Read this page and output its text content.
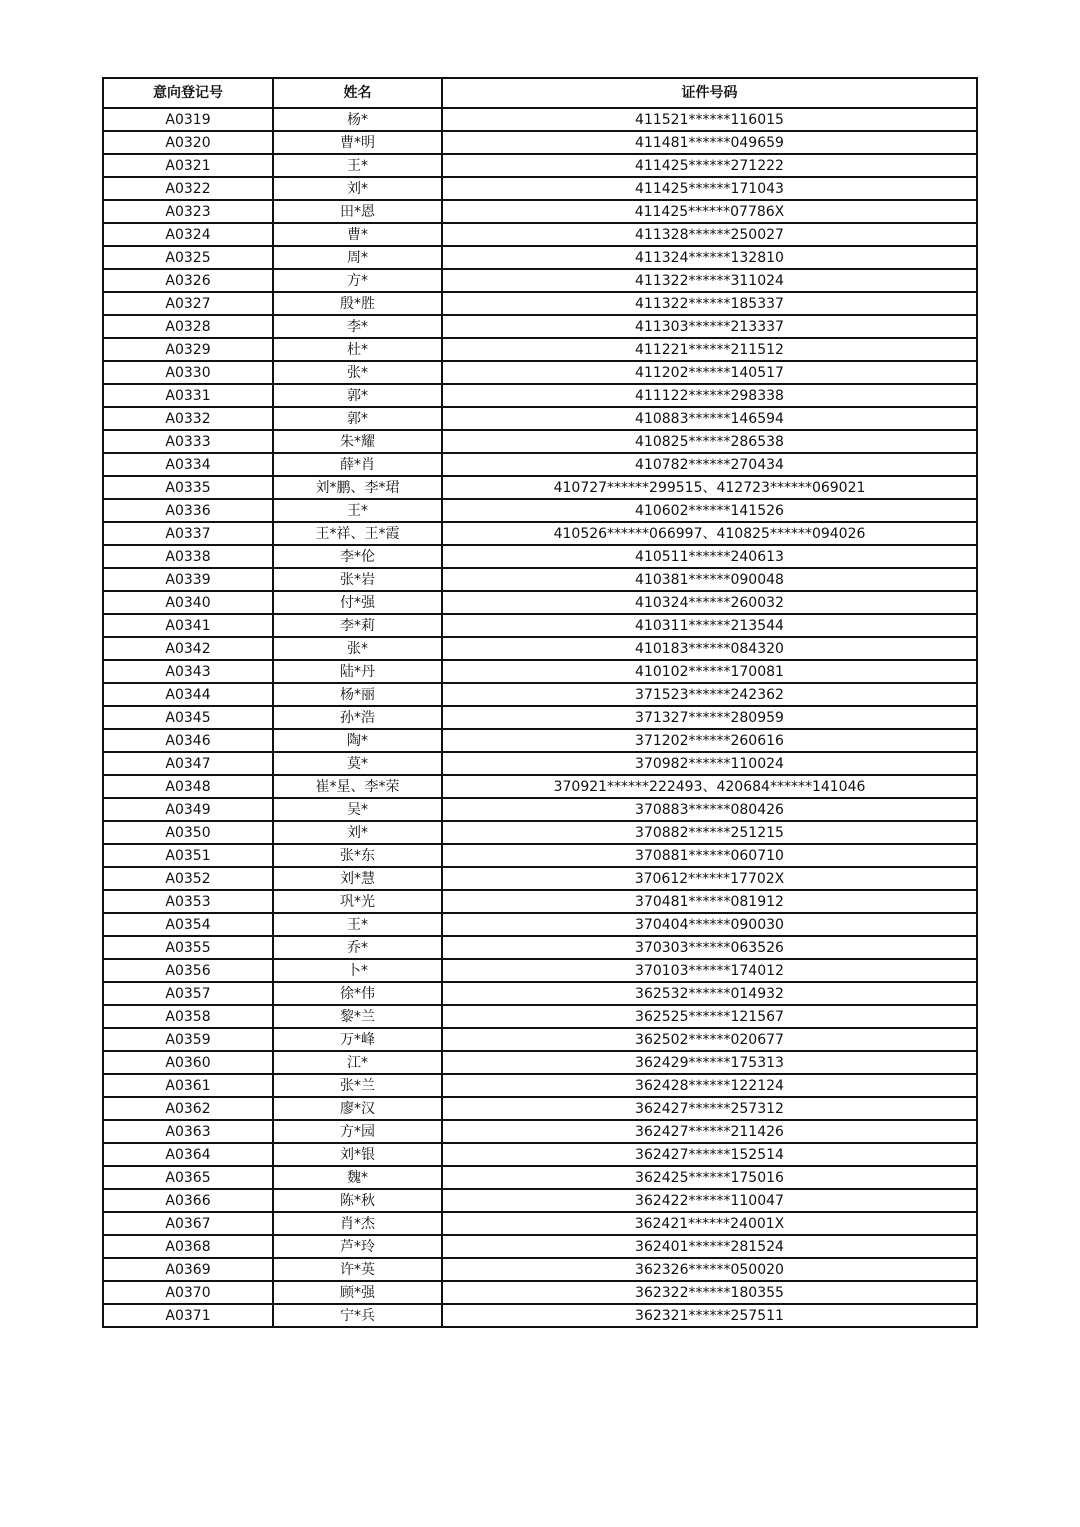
意向登记号	姓名	证件号码
A0319	杨*	411521******116015
A0320	曹*明	411481******049659
A0321	王*	411425******271222
A0322	刘*	411425******171043
A0323	田*恩	411425******07786X
A0324	曹*	411328******250027
A0325	周*	411324******132810
A0326	方*	411322******311024
A0327	殷*胜	411322******185337
A0328	李*	411303******213337
A0329	杜*	411221******211512
A0330	张*	411202******140517
A0331	郭*	411122******298338
A0332	郭*	410883******146594
A0333	朱*耀	410825******286538
A0334	薛*肖	410782******270434
A0335	刘*鹏、李*珺	410727******299515、412723******069021
A0336	王*	410602******141526
A0337	王*祥、王*霞	410526******066997、410825******094026
A0338	李*伦	410511******240613
A0339	张*岩	410381******090048
A0340	付*强	410324******260032
A0341	李*莉	410311******213544
A0342	张*	410183******084320
A0343	陆*丹	410102******170081
A0344	杨*丽	371523******242362
A0345	孙*浩	371327******280959
A0346	陶*	371202******260616
A0347	莫*	370982******110024
A0348	崔*星、李*荣	370921******222493、420684******141046
A0349	吴*	370883******080426
A0350	刘*	370882******251215
A0351	张*东	370881******060710
A0352	刘*慧	370612******17702X
A0353	巩*光	370481******081912
A0354	王*	370404******090030
A0355	乔*	370303******063526
A0356	卜*	370103******174012
A0357	徐*伟	362532******014932
A0358	黎*兰	362525******121567
A0359	万*峰	362502******020677
A0360	江*	362429******175313
A0361	张*兰	362428******122124
A0362	廖*汉	362427******257312
A0363	方*园	362427******211426
A0364	刘*银	362427******152514
A0365	魏*	362425******175016
A0366	陈*秋	362422******110047
A0367	肖*杰	362421******24001X
A0368	芦*玲	362401******281524
A0369	许*英	362326******050020
A0370	顾*强	362322******180355
A0371	宁*兵	362321******257511
